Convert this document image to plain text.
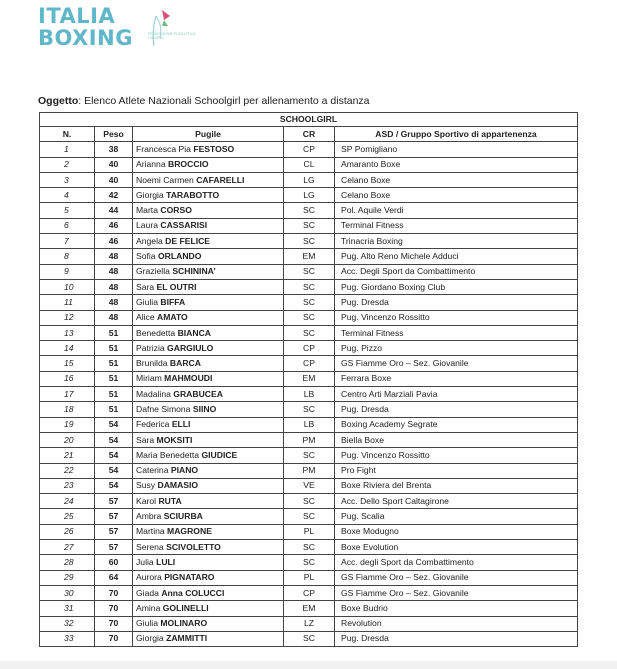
ITALIA
BOXING	FEDERAZIONE PUGILISTICA ITALIANA
Oggetto: Elenco Atlete Nazionali Schoolgirl per allenamento a distanza
SCHOOLGIRL				
N.	Peso	Pugile	CR	ASD / Gruppo Sportivo di appartenenza
1	38	Francesca Pia FESTOSO	CP	SP Pomigliano
2	40	Arianna BROCCIO	CL	Amaranto Boxe
3	40	Noemi Carmen CAFARELLI	LG	Celano Boxe
4	42	Giorgia TARABOTTO	LG	Celano Boxe
5	44	Marta CORSO	SC	Pol. Aquile Verdi
6	46	Laura CASSARISI	SC	Terminal Fitness
7	46	Angela DE FELICE	SC	Trinacria Boxing
8	48	Sofia ORLANDO	EM	Pug. Alto Reno Michele Adduci
9	48	Graziella SCHININA’	SC	Acc. Degli Sport da Combattimento
10	48	Sara EL OUTRI	SC	Pug. Giordano Boxing Club
11	48	Giulia BIFFA	SC	Pug. Dresda
12	48	Alice AMATO	SC	Pug. Vincenzo Rossitto
13	51	Benedetta BIANCA	SC	Terminal Fitness
14	51	Patrizia GARGIULO	CP	Pug. Pizzo
15	51	Brunilda BARCA	CP	GS Fiamme Oro – Sez. Giovanile
16	51	Miriam MAHMOUDI	EM	Ferrara Boxe
17	51	Madalina GRABUCEA	LB	Centro Arti Marziali Pavia
18	51	Dafne Simona SIINO	SC	Pug. Dresda
19	54	Federica ELLI	LB	Boxing Academy Segrate
20	54	Sara MOKSITI	PM	Biella Boxe
21	54	Maria Benedetta GIUDICE	SC	Pug. Vincenzo Rossitto
22	54	Caterina PIANO	PM	Pro Fight
23	54	Susy DAMASIO	VE	Boxe Riviera del Brenta
24	57	Karol RUTA	SC	Acc. Dello Sport Caltagirone
25	57	Ambra SCIURBA	SC	Pug. Scalia
26	57	Martina MAGRONE	PL	Boxe Modugno
27	57	Serena SCIVOLETTO	SC	Boxe Evolution
28	60	Julia LULI	SC	Acc. degli Sport da Combattimento
29	64	Aurora PIGNATARO	PL	GS Fiamme Oro – Sez. Giovanile
30	70	Giada Anna COLUCCI	CP	GS Fiamme Oro – Sez. Giovanile
31	70	Amina GOLINELLI	EM	Boxe Budrio
32	70	Giulia MOLINARO	LZ	Revolution
33	70	Giorgia ZAMMITTI	SC	Pug. Dresda
